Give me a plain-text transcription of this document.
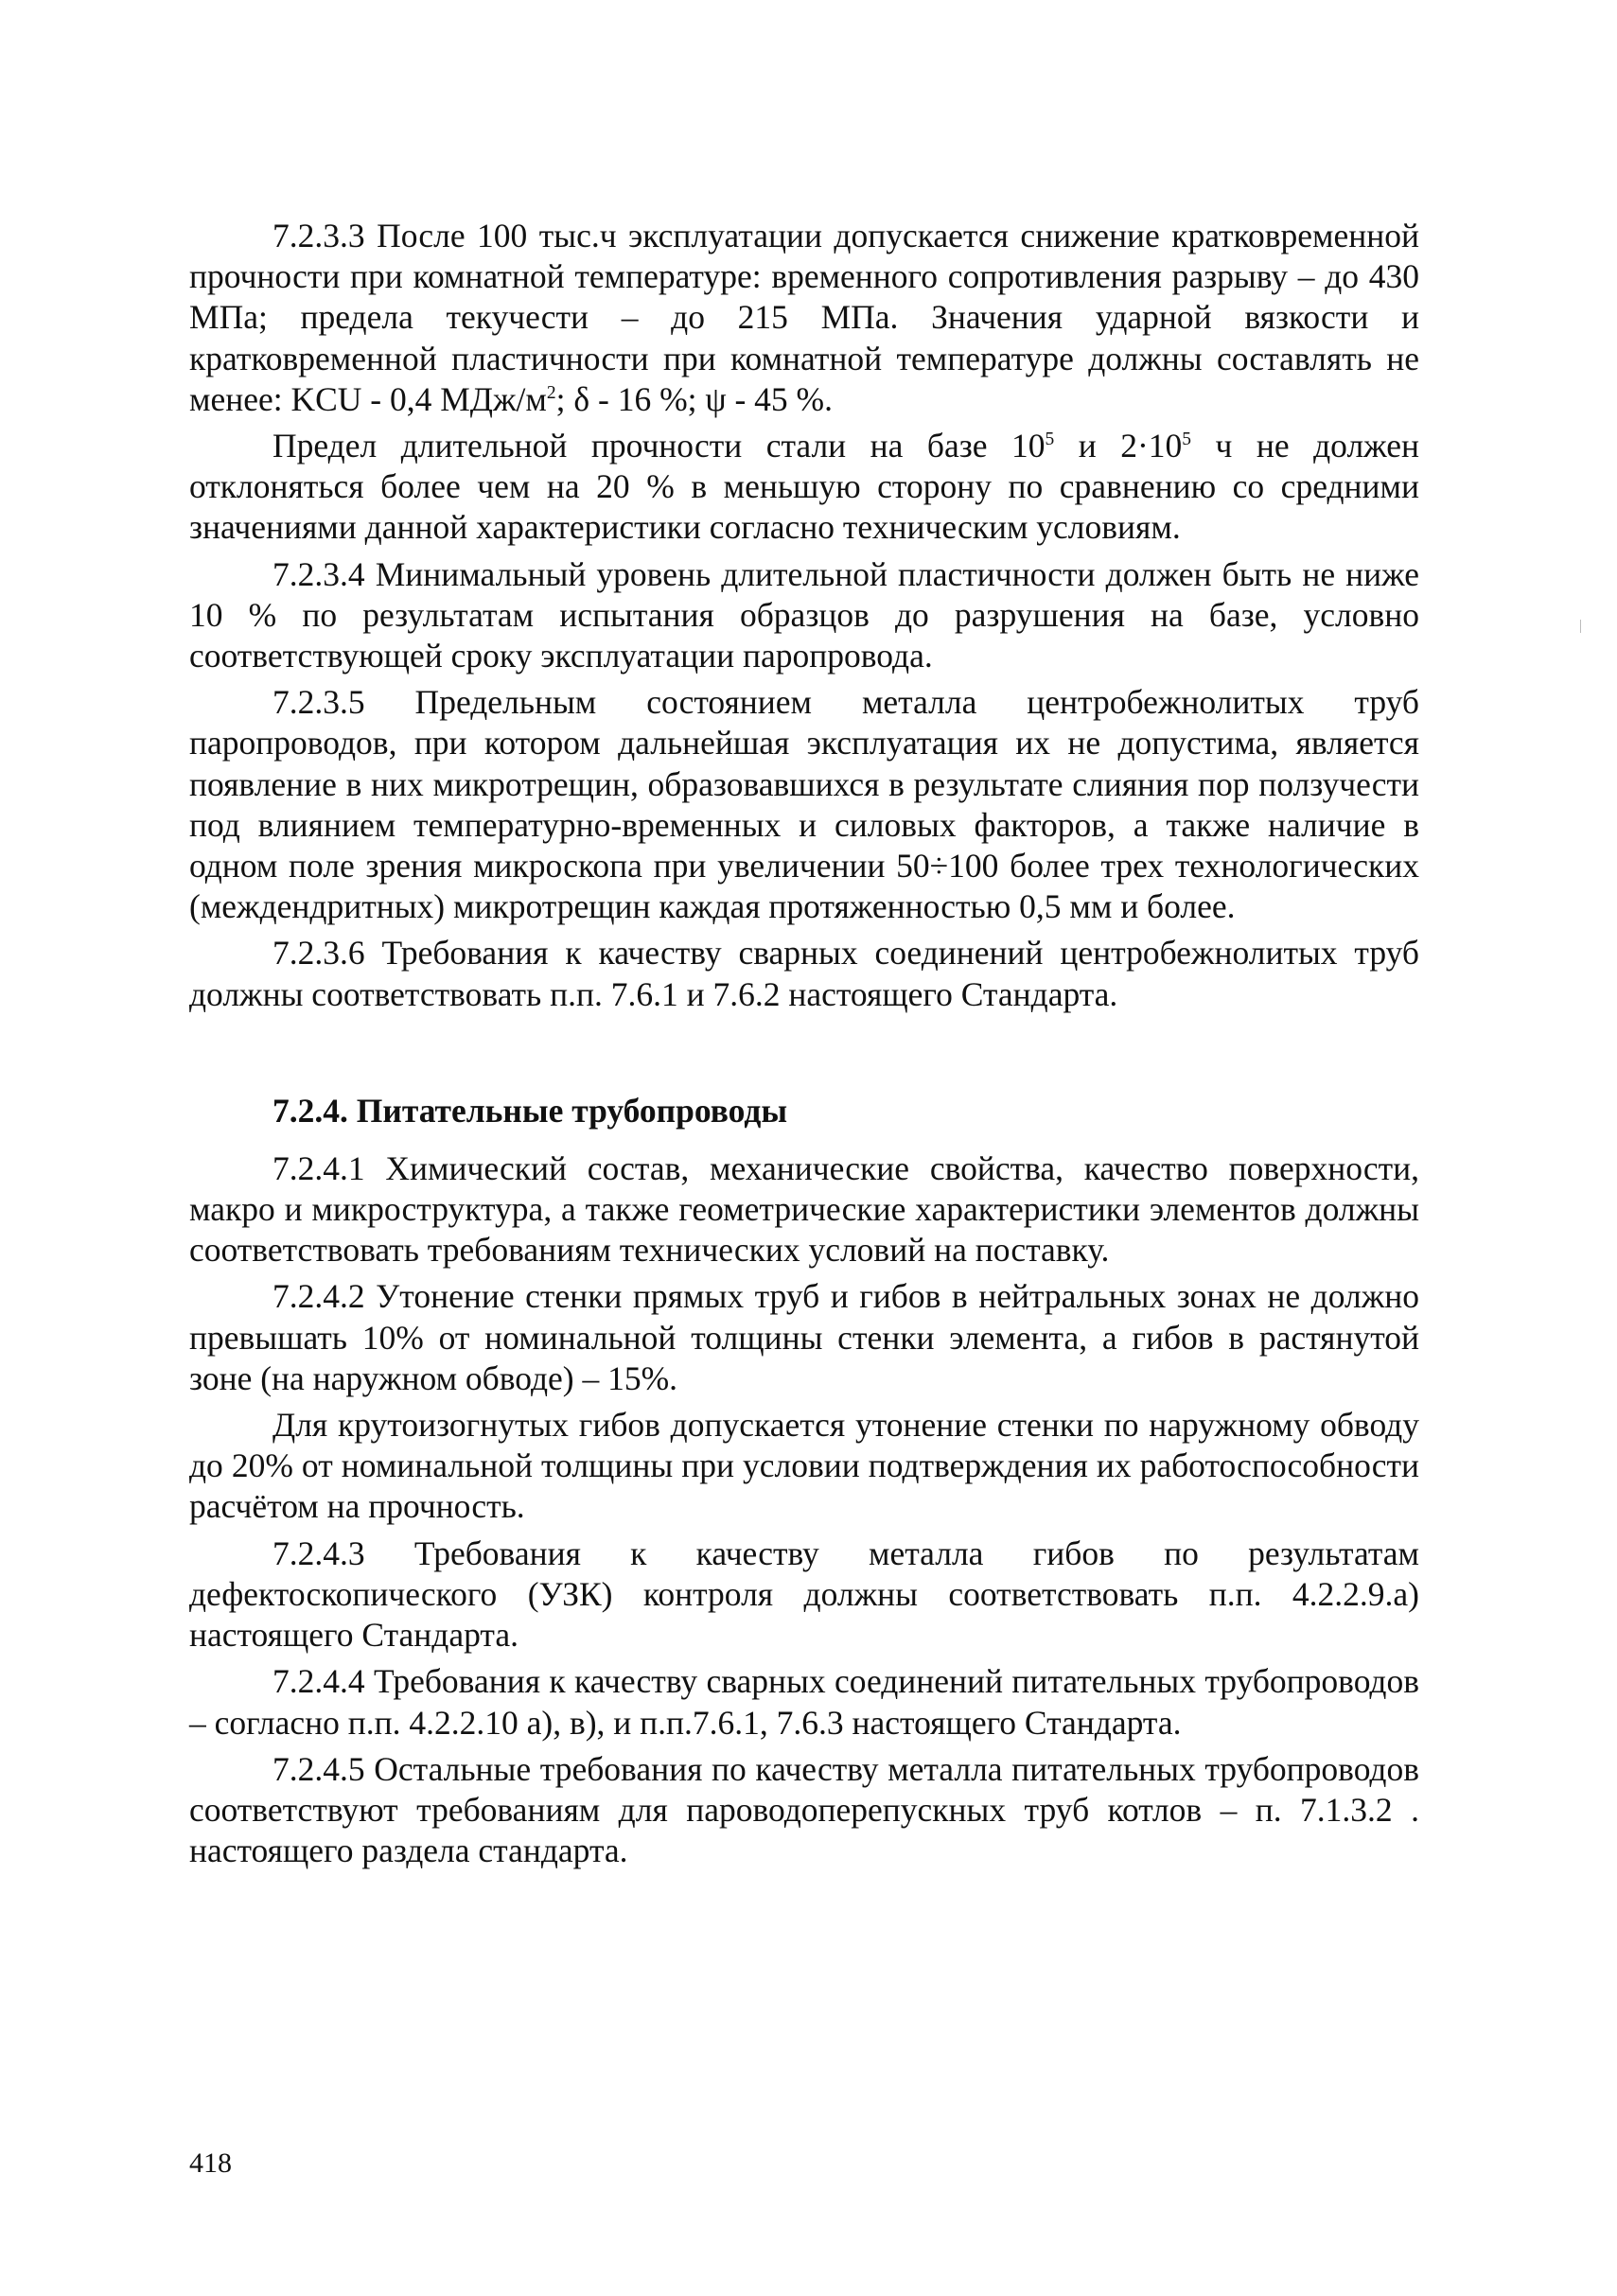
7.2.3.3 После 100 тыс.ч эксплуатации допускается снижение кратковременной прочности при комнатной температуре: временного сопротивления разрыву – до 430 МПа; предела текучести – до 215 МПа. Значения ударной вязкости и кратковременной пластичности при комнатной температуре должны составлять не менее: KCU - 0,4 МДж/$м^2$; δ - 16 %; ψ - 45 %.

Предел длительной прочности стали на базе $10^5$ и $2\cdot 10^5$ ч не должен отклоняться более чем на 20 % в меньшую сторону по сравнению со средними значениями данной характеристики согласно техническим условиям.

7.2.3.4 Минимальный уровень длительной пластичности должен быть не ниже 10 % по результатам испытания образцов до разрушения на базе, условно соответствующей сроку эксплуатации паропровода.

7.2.3.5 Предельным состоянием металла центробежнолитых труб паропроводов, при котором дальнейшая эксплуатация их не допустима, является появление в них микротрещин, образовавшихся в результате слияния пор ползучести под влиянием температурно-временных и силовых факторов, а также наличие в одном поле зрения микроскопа при увеличении 50÷100 более трех технологических (междендритных) микротрещин каждая протяженностью 0,5 мм и более.

7.2.3.6 Требования к качеству сварных соединений центробежнолитых труб должны соответствовать п.п. 7.6.1 и 7.6.2 настоящего Стандарта.

7.2.4. Питательные трубопроводы

7.2.4.1 Химический состав, механические свойства, качество поверхности, макро и микроструктура, а также геометрические характеристики элементов должны соответствовать требованиям технических условий на поставку.

7.2.4.2 Утонение стенки прямых труб и гибов в нейтральных зонах не должно превышать 10% от номинальной толщины стенки элемента, а гибов в растянутой зоне (на наружном обводе) – 15%.

Для крутоизогнутых гибов допускается утонение стенки по наружному обводу до 20% от номинальной толщины при условии подтверждения их работоспособности расчётом на прочность.

7.2.4.3 Требования к качеству металла гибов по результатам дефектоскопического (УЗК) контроля должны соответствовать п.п. 4.2.2.9.а) настоящего Стандарта.

7.2.4.4 Требования к качеству сварных соединений питательных трубопроводов – согласно п.п. 4.2.2.10 а), в), и п.п.7.6.1, 7.6.3 настоящего Стандарта.

7.2.4.5 Остальные требования по качеству металла питательных трубопроводов соответствуют требованиям для пароводоперепускных труб котлов – п. 7.1.3.2 . настоящего раздела стандарта.

418
